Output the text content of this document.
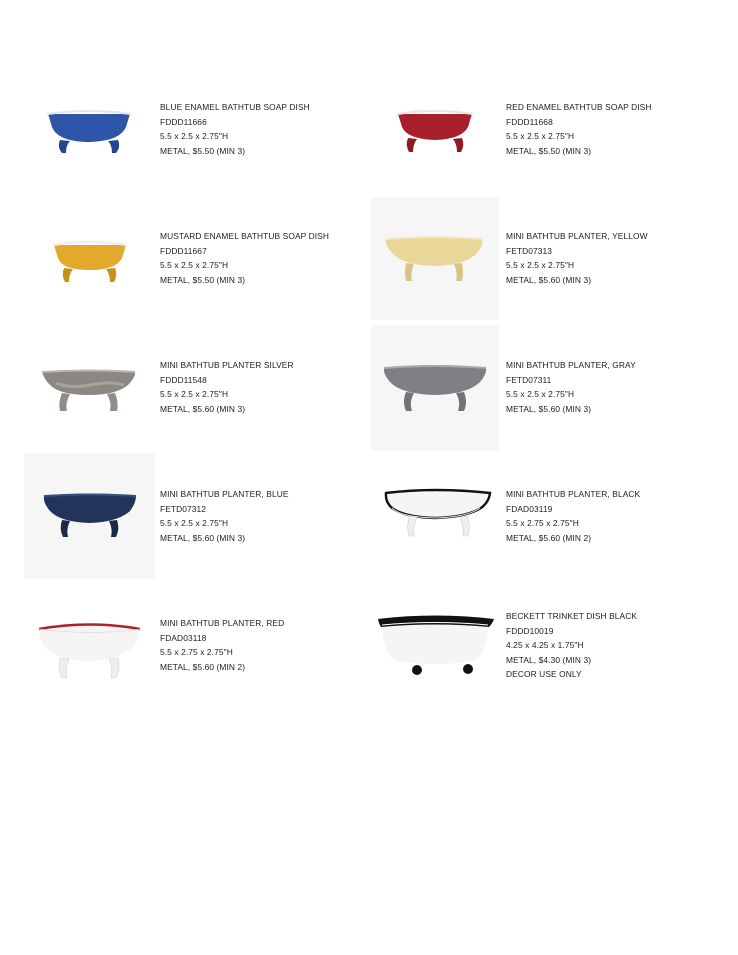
BLUE ENAMEL BATHTUB SOAP DISH
FDDD11666
5.5 x 2.5 x 2.75"H
METAL, $5.50 (MIN 3)
RED ENAMEL BATHTUB SOAP DISH
FDDD11668
5.5 x 2.5 x 2.75"H
METAL, $5.50 (MIN 3)
MUSTARD ENAMEL BATHTUB SOAP DISH
FDDD11667
5.5 x 2.5 x 2.75"H
METAL, $5.50 (MIN 3)
MINI BATHTUB PLANTER, YELLOW
FETD07313
5.5 x 2.5 x 2.75"H
METAL, $5.60 (MIN 3)
MINI BATHTUB PLANTER SILVER
FDDD11548
5.5 x 2.5 x 2.75"H
METAL, $5.60 (MIN 3)
MINI BATHTUB PLANTER, GRAY
FETD07311
5.5 x 2.5 x 2.75"H
METAL, $5.60 (MIN 3)
MINI BATHTUB PLANTER, BLUE
FETD07312
5.5 x 2.5 x 2.75"H
METAL, $5.60 (MIN 3)
MINI BATHTUB PLANTER, BLACK
FDAD03119
5.5 x 2.75 x 2.75"H
METAL, $5.60 (MIN 2)
MINI BATHTUB PLANTER, RED
FDAD03118
5.5 x 2.75 x 2.75"H
METAL, $5.60 (MIN 2)
BECKETT TRINKET DISH BLACK
FDDD10019
4.25 x 4.25 x 1.75"H
METAL, $4.30 (MIN 3)
DECOR USE ONLY
